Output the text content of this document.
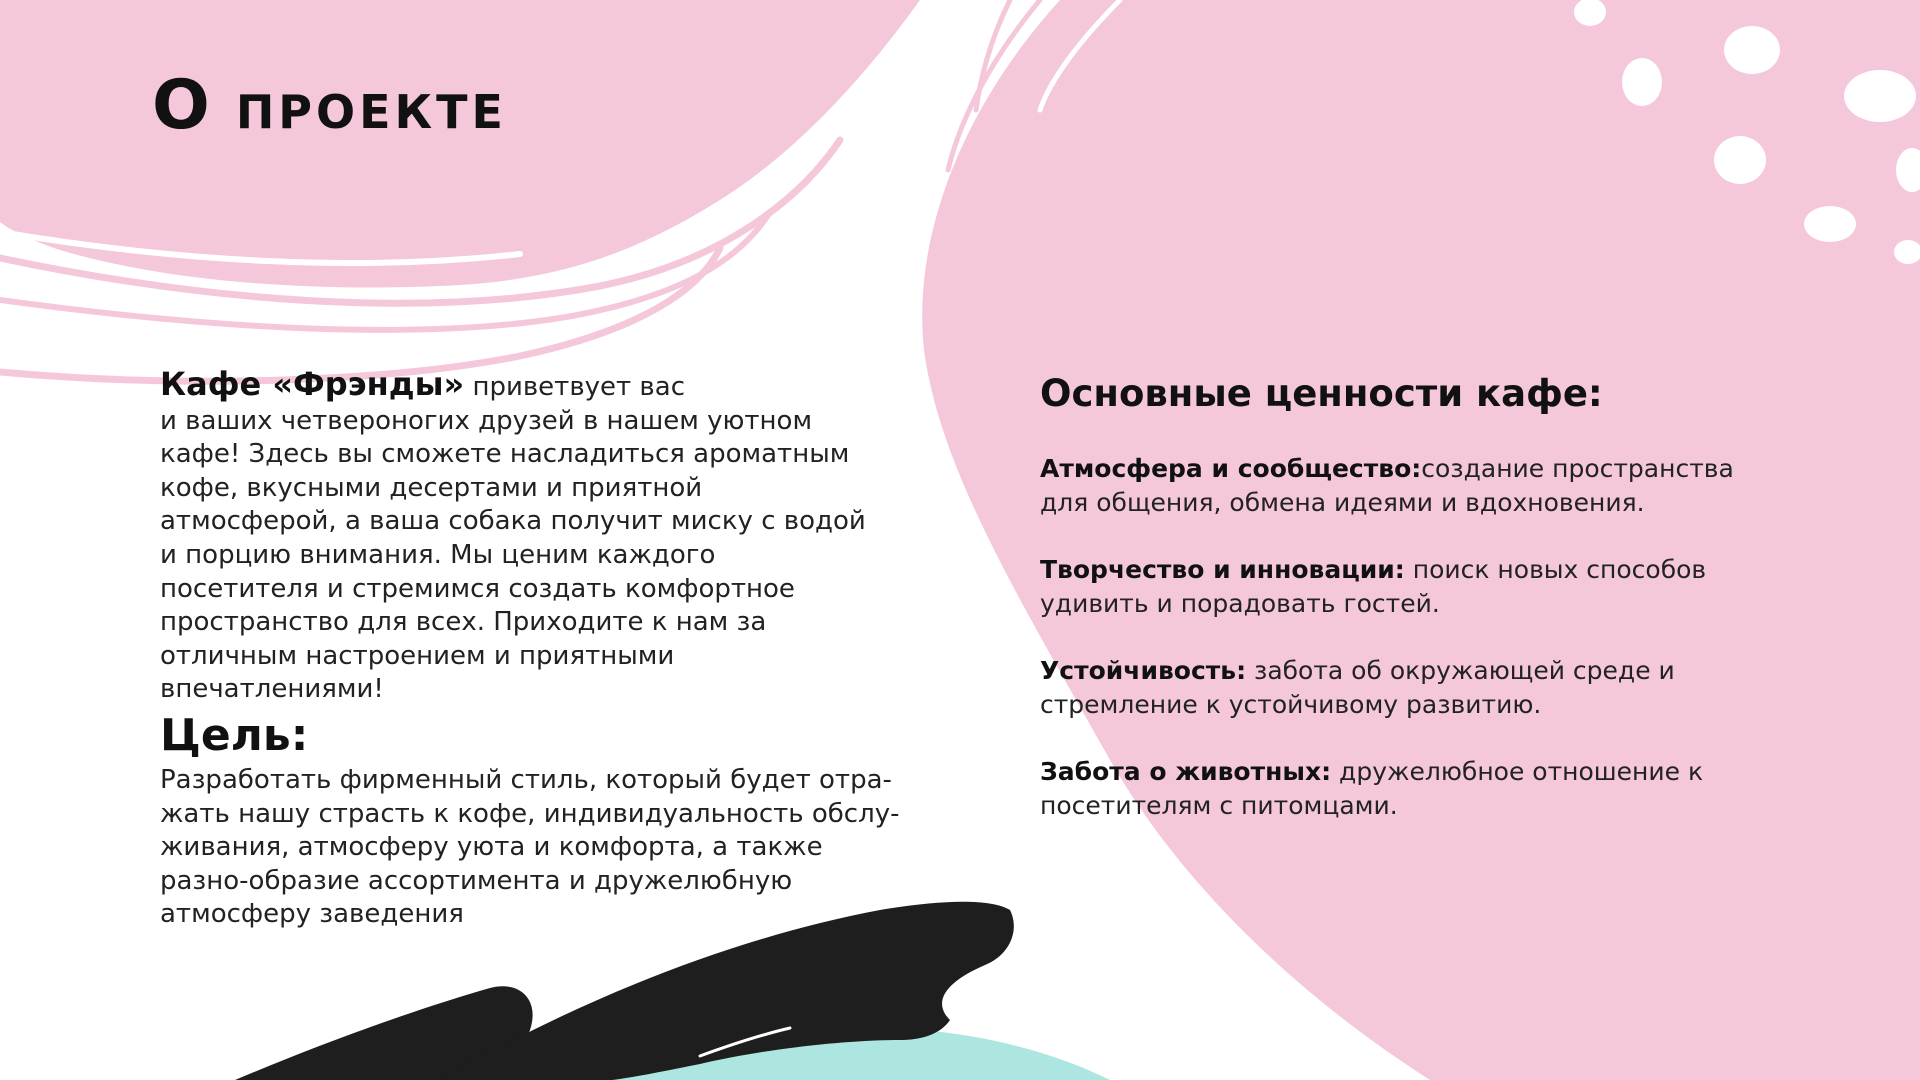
О ПРОЕКТЕ

Кафе «Фрэнды» приветвует вас
и ваших четвероногих друзей в нашем уютном кафе! Здесь вы сможете насладиться ароматным кофе, вкусными десертами и приятной атмосферой, а ваша собака получит миску с водой и порцию внимания. Мы ценим каждого посетителя и стремимся создать комфортное пространство для всех. Приходите к нам за отличным настроением и приятными впечатлениями!

Цель:

Разработать фирменный стиль, который будет отра-жать нашу страсть к кофе, индивидуальность обслу-живания, атмосферу уюта и комфорта, а также разно-образие ассортимента и дружелюбную атмосферу заведения

Основные ценности кафе:

Атмосфера и сообщество:создание пространства для общения, обмена идеями и вдохновения.

Творчество и инновации: поиск новых способов удивить и порадовать гостей.

Устойчивость: забота об окружающей среде и стремление к устойчивому развитию.

Забота о животных: дружелюбное отношение к посетителям с питомцами.
